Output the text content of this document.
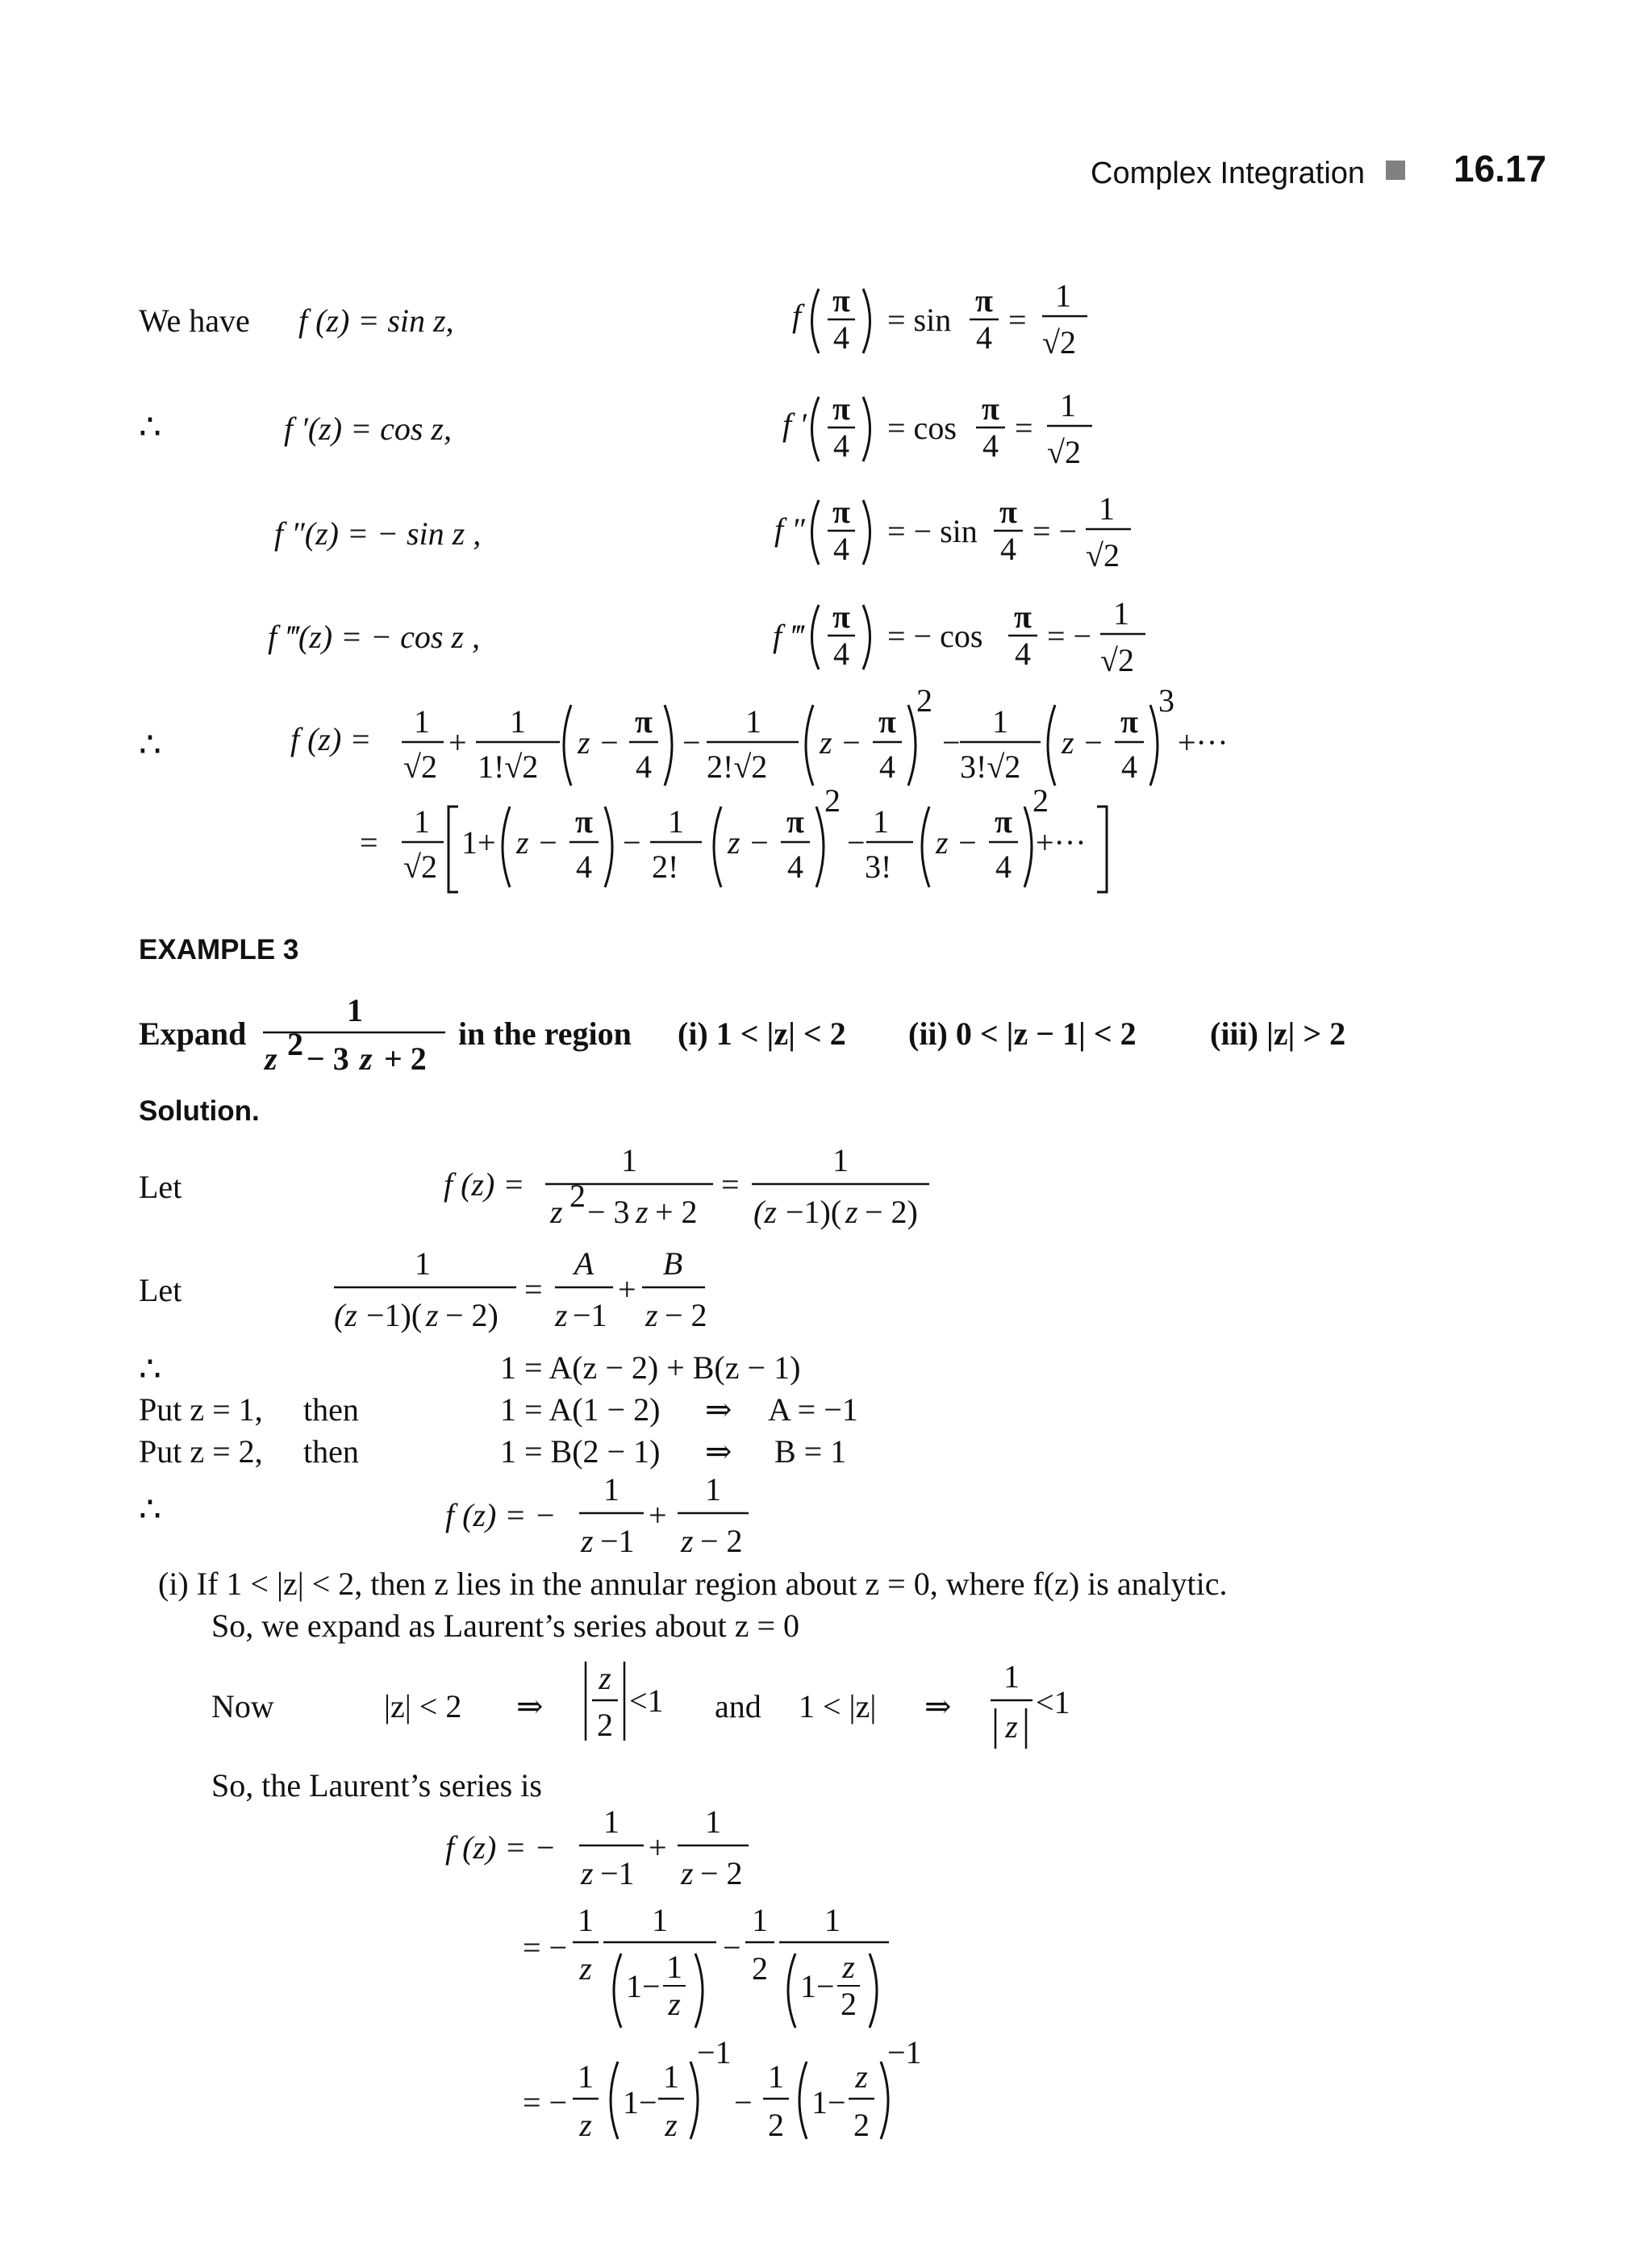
Complex Integration 16.17
We have f (z) = sin z,
∴	f ′(z) = cos z,
f ″(z) = − sin z ,
f ‴(z) = − cos z ,
f π
4 = sin
π
4 =
1
√2
f ′ π
4 = cos
π
4 =
1
√2
f ″ π
4 = − sin
π
4 = −
1
√2
f ‴
π
4 = − cos
π
4 = −
1
√2
∴	f (z) = 1
√2
+
1
1!√2
z −
π
4
−
1
2!√2
z −
π
4
2
−
1
3!√2
z −
π
4
3
+···
=
1
√2
1+ z −
π
4
−
1
2!
z −
π
4
2
−
1
3!
z −
π
4
2
+···
EXAMPLE 3
Expand
1
z 2 − 3 z + 2
in the region (i) 1 < |z| < 2 (ii) 0 < |z − 1| < 2 (iii) |z| > 2
Solution.
Let	f (z) =
1
z 2 − 3 z + 2
=
1
(z −1)( z − 2)
Let
1
(z −1)( z − 2)
=
A
z −1
+
B
z − 2
∴	1 = A(z − 2) + B(z − 1)
Put z = 1, then	1 = A(1 − 2) ⇒ A = −1
Put z = 2, then	1 = B(2 − 1) ⇒ B = 1
∴	f (z) = −
1
z −1
+
1
z − 2
(i) If 1 < |z| < 2, then z lies in the annular region about z = 0, where f(z) is analytic.
So, we expand as Laurent’s series about z = 0
Now	|z| < 2 ⇒
z
2
<1 and 1 < |z| ⇒
1
z
<1
So, the Laurent’s series is
f (z) = −
1
z −1
+
1
z − 2
= −
1
z
1
1−
1
z
−
1
2
1
1−
z
2
= −
1
z
1−
1
z
−1
−
1
2
1−
z
2
−1
